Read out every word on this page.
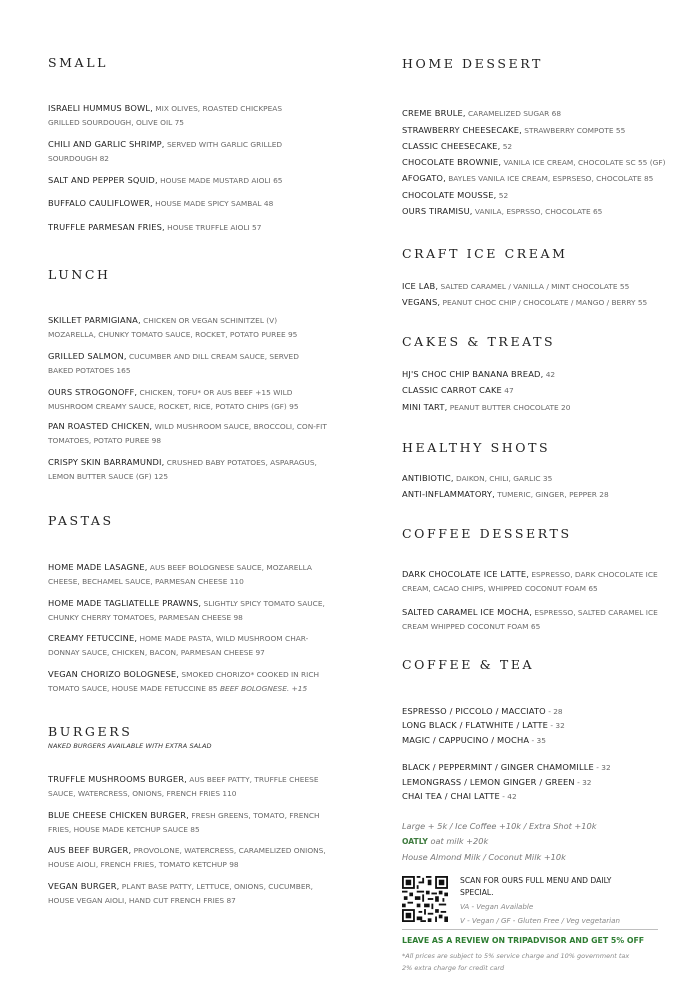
SMALL
ISRAELI HUMMUS BOWL, MIX OLIVES, ROASTED CHICKPEAS GRILLED SOURDOUGH, OLIVE OIL 75
CHILI AND GARLIC SHRIMP, SERVED WITH GARLIC GRILLED SOURDOUGH 82
SALT AND PEPPER SQUID, HOUSE MADE MUSTARD AIOLI 65
BUFFALO CAULIFLOWER, HOUSE MADE SPICY SAMBAL 48
TRUFFLE PARMESAN FRIES, HOUSE TRUFFLE AIOLI 57
LUNCH
SKILLET PARMIGIANA, CHICKEN OR VEGAN SCHINITZEL (V) MOZARELLA, CHUNKY TOMATO SAUCE, ROCKET, POTATO PUREE 95
GRILLED SALMON, CUCUMBER AND DILL CREAM SAUCE, SERVED BAKED POTATOES 165
OURS STROGONOFF, CHICKEN, TOFU* OR AUS BEEF +15 WILD MUSHROOM CREAMY SAUCE, ROCKET, RICE, POTATO CHIPS (GF) 95
PAN ROASTED CHICKEN, WILD MUSHROOM SAUCE, BROCCOLI, CON-FIT TOMATOES, POTATO PUREE 98
CRISPY SKIN BARRAMUNDI, CRUSHED BABY POTATOES, ASPARAGUS, LEMON BUTTER SAUCE (GF) 125
PASTAS
HOME MADE LASAGNE, AUS BEEF BOLOGNESE SAUCE, MOZARELLA CHEESE, BECHAMEL SAUCE, PARMESAN CHEESE 110
HOME MADE TAGLIATELLE PRAWNS, SLIGHTLY SPICY TOMATO SAUCE, CHUNKY CHERRY TOMATOES, PARMESAN CHEESE 98
CREAMY FETUCCINE, HOME MADE PASTA, WILD MUSHROOM CHAR-DONNAY SAUCE, CHICKEN, BACON, PARMESAN CHEESE 97
VEGAN CHORIZO BOLOGNESE, SMOKED CHORIZO* COOKED IN RICH TOMATO SAUCE, HOUSE MADE FETUCCINE 85 BEEF BOLOGNESE. +15
BURGERS
NAKED BURGERS AVAILABLE WITH EXTRA SALAD
TRUFFLE MUSHROOMS BURGER, AUS BEEF PATTY, TRUFFLE CHEESE SAUCE, WATERCRESS, ONIONS, FRENCH FRIES 110
BLUE CHEESE CHICKEN BURGER, FRESH GREENS, TOMATO, FRENCH FRIES, HOUSE MADE KETCHUP SAUCE 85
AUS BEEF BURGER, PROVOLONE, WATERCRESS, CARAMELIZED ONIONS, HOUSE AIOLI, FRENCH FRIES, TOMATO KETCHUP 98
VEGAN BURGER, PLANT BASE PATTY, LETTUCE, ONIONS, CUCUMBER, HOUSE VEGAN AIOLI, HAND CUT FRENCH FRIES 87
HOME DESSERT
CREME BRULE, CARAMELIZED SUGAR 68
STRAWBERRY CHEESECAKE, STRAWBERRY COMPOTE 55
CLASSIC CHEESECAKE, 52
CHOCOLATE BROWNIE, VANILA ICE CREAM, CHOCOLATE SC 55 (GF)
AFOGATO, BAYLES VANILA ICE CREAM, ESPRSESO, CHOCOLATE 85
CHOCOLATE MOUSSE, 52
OURS TIRAMISU, VANILA, ESPRSSO, CHOCOLATE 65
CRAFT ICE CREAM
ICE LAB, SALTED CARAMEL / VANILLA / MINT CHOCOLATE 55
VEGANS, PEANUT CHOC CHIP / CHOCOLATE / MANGO / BERRY 55
CAKES & TREATS
HJ'S CHOC CHIP BANANA BREAD, 42
CLASSIC CARROT CAKE 47
MINI TART, PEANUT BUTTER CHOCOLATE 20
HEALTHY SHOTS
ANTIBIOTIC, DAIKON, CHILI, GARLIC 35
ANTI-INFLAMMATORY, TUMERIC, GINGER, PEPPER 28
COFFEE DESSERTS
DARK CHOCOLATE ICE LATTE, ESPRESSO, DARK CHOCOLATE ICE CREAM, CACAO CHIPS, WHIPPED COCONUT FOAM 65
SALTED CARAMEL ICE MOCHA, ESPRESSO, SALTED CARAMEL ICE CREAM WHIPPED COCONUT FOAM 65
COFFEE & TEA
ESPRESSO / PICCOLO / MACCIATO - 28
LONG BLACK / FLATWHITE / LATTE - 32
MAGIC / CAPPUCINO / MOCHA - 35
BLACK / PEPPERMINT / GINGER CHAMOMILLE - 32
LEMONGRASS / LEMON GINGER / GREEN - 32
CHAI TEA / CHAI LATTE - 42
Large + 5k / Ice Coffee +10k / Extra Shot +10k
OATLY oat milk +20k
House Almond Milk / Coconut Milk +10k
SCAN FOR OURS FULL MENU AND DAILY SPECIAL.
VA - Vegan Available
V - Vegan / GF - Gluten Free / Veg vegetarian
LEAVE AS A REVIEW ON TRIPADVISOR AND GET 5% OFF
*All prices are subject to 5% service charge and 10% government tax
2% extra charge for credit card
